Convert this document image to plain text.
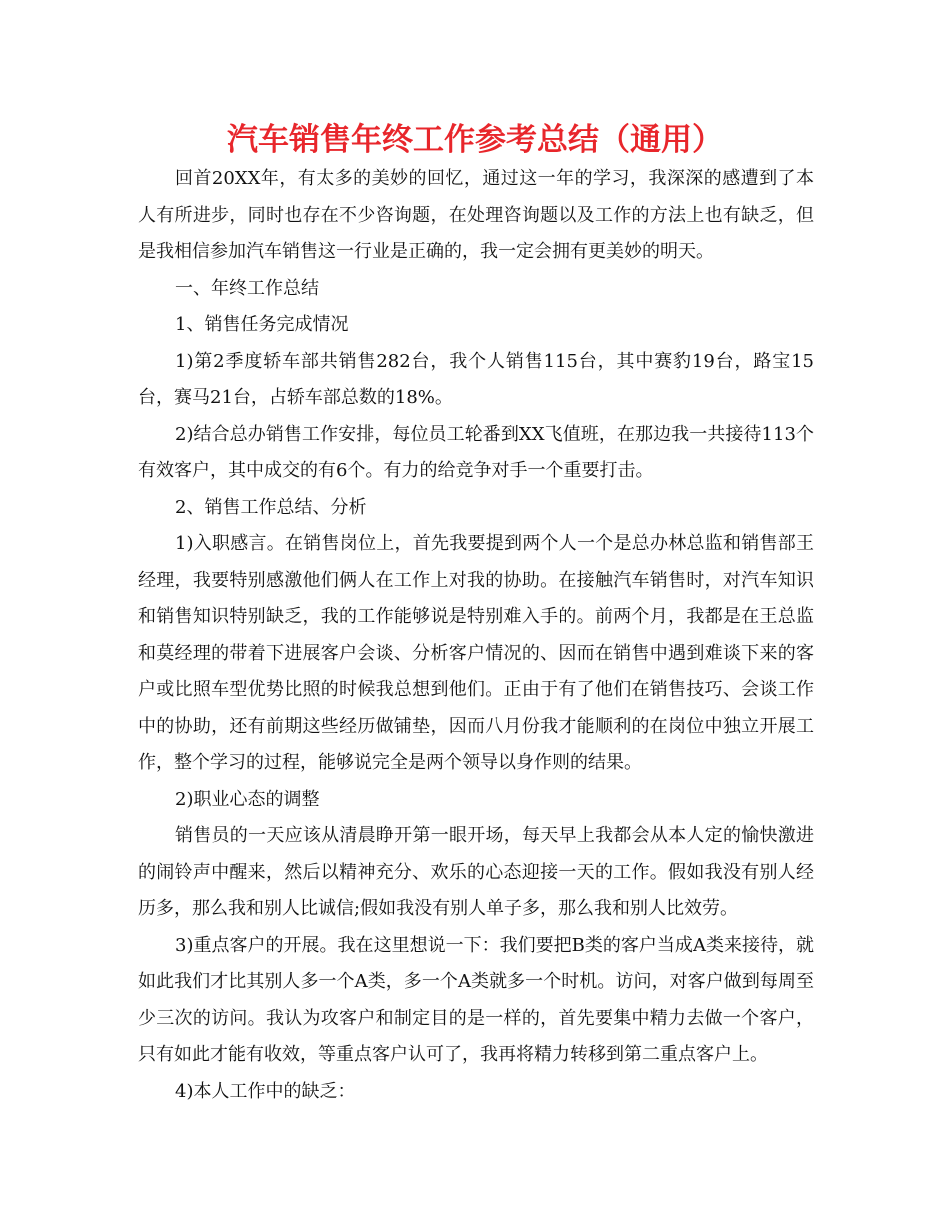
汽车销售年终工作参考总结（通用）

回首20XX年，有太多的美妙的回忆，通过这一年的学习，我深深的感遭到了本人有所进步，同时也存在不少咨询题，在处理咨询题以及工作的方法上也有缺乏，但是我相信参加汽车销售这一行业是正确的，我一定会拥有更美妙的明天。

一、年终工作总结

1、销售任务完成情况

1)第2季度轿车部共销售282台，我个人销售115台，其中赛豹19台，路宝15台，赛马21台，占轿车部总数的18%。

2)结合总办销售工作安排，每位员工轮番到XX飞值班，在那边我一共接待113个有效客户，其中成交的有6个。有力的给竞争对手一个重要打击。

2、销售工作总结、分析

1)入职感言。在销售岗位上，首先我要提到两个人一个是总办林总监和销售部王经理，我要特别感激他们俩人在工作上对我的协助。在接触汽车销售时，对汽车知识和销售知识特别缺乏，我的工作能够说是特别难入手的。前两个月，我都是在王总监和莫经理的带着下进展客户会谈、分析客户情况的、因而在销售中遇到难谈下来的客户或比照车型优势比照的时候我总想到他们。正由于有了他们在销售技巧、会谈工作中的协助，还有前期这些经历做铺垫，因而八月份我才能顺利的在岗位中独立开展工作，整个学习的过程，能够说完全是两个领导以身作则的结果。

2)职业心态的调整

销售员的一天应该从清晨睁开第一眼开场，每天早上我都会从本人定的愉快激进的闹铃声中醒来，然后以精神充分、欢乐的心态迎接一天的工作。假如我没有别人经历多，那么我和别人比诚信;假如我没有别人单子多，那么我和别人比效劳。

3)重点客户的开展。我在这里想说一下：我们要把B类的客户当成A类来接待，就如此我们才比其别人多一个A类，多一个A类就多一个时机。访问，对客户做到每周至少三次的访问。我认为攻客户和制定目的是一样的，首先要集中精力去做一个客户，只有如此才能有收效，等重点客户认可了，我再将精力转移到第二重点客户上。

4)本人工作中的缺乏：
